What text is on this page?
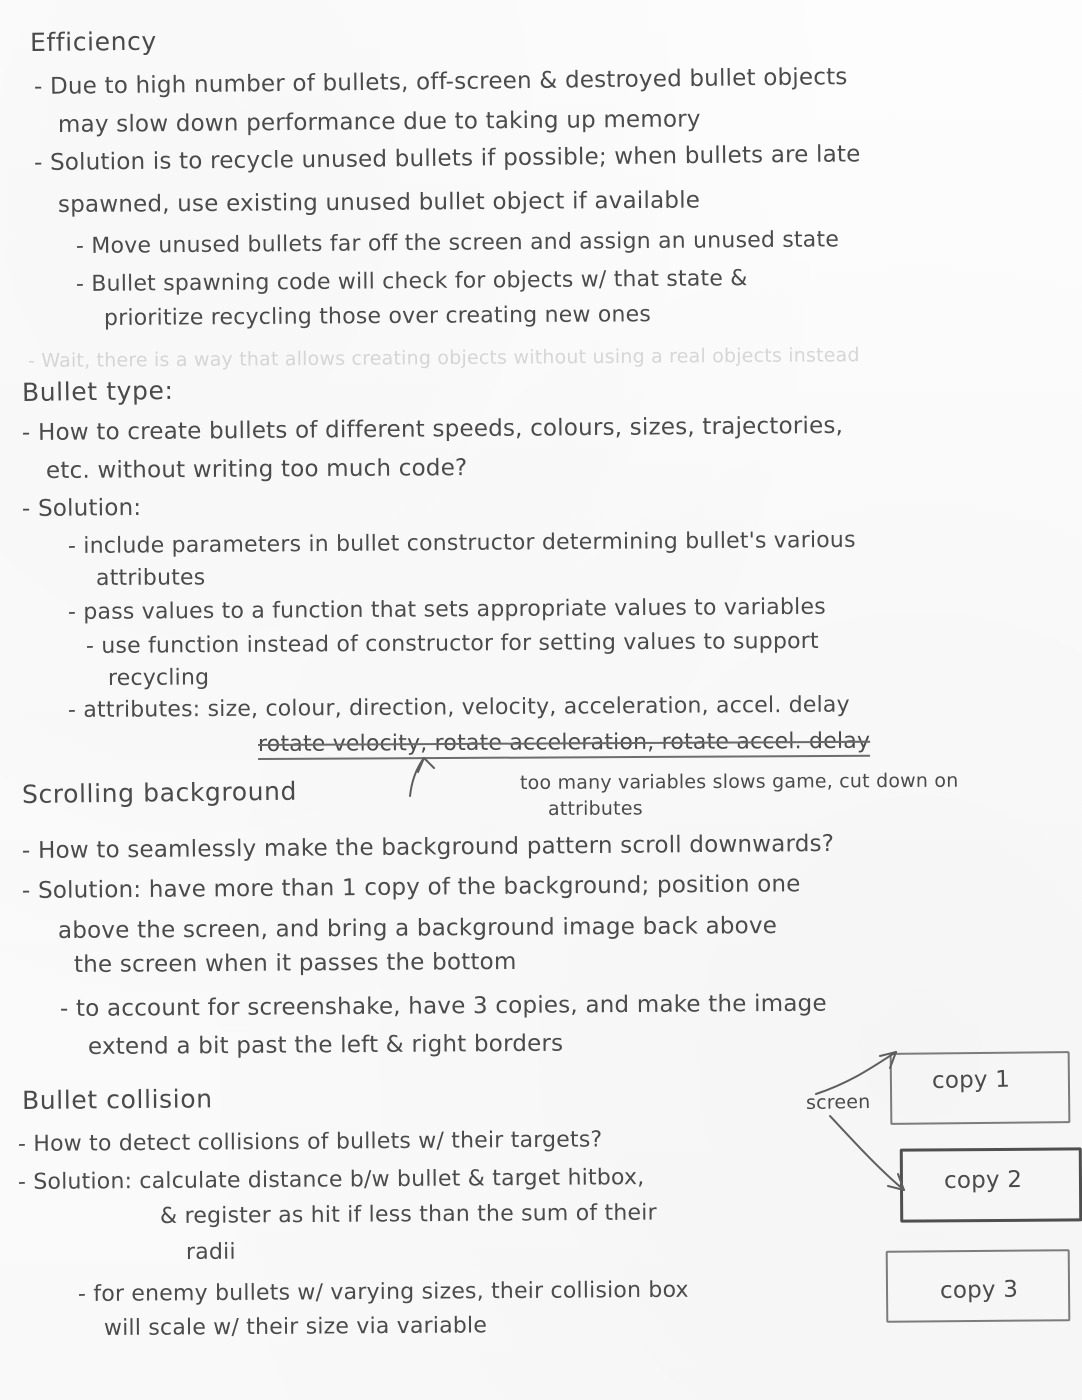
Efficiency
- Due to high number of bullets, off-screen & destroyed bullet objects
may slow down performance due to taking up memory
- Solution is to recycle unused bullets if possible; when bullets are late
spawned, use existing unused bullet object if available
- Move unused bullets far off the screen and assign an unused state
- Bullet spawning code will check for objects w/ that state &
prioritize recycling those over creating new ones
- Wait, there is a way that allows creating objects without using a real objects instead
Bullet type:
- How to create bullets of different speeds, colours, sizes, trajectories,
etc. without writing too much code?
- Solution:
- include parameters in bullet constructor determining bullet's various
attributes
- pass values to a function that sets appropriate values to variables
- use function instead of constructor for setting values to support
recycling
- attributes: size, colour, direction, velocity, acceleration, accel. delay
rotate velocity, rotate acceleration, rotate accel. delay
too many variables slows game, cut down on
attributes
Scrolling background
- How to seamlessly make the background pattern scroll downwards?
- Solution: have more than 1 copy of the background; position one
above the screen, and bring a background image back above
the screen when it passes the bottom
- to account for screenshake, have 3 copies, and make the image
extend a bit past the left & right borders
Bullet collision
- How to detect collisions of bullets w/ their targets?
- Solution: calculate distance b/w bullet & target hitbox,
& register as hit if less than the sum of their
radii
- for enemy bullets w/ varying sizes, their collision box
will scale w/ their size via variable
copy 1
copy 2
copy 3
screen
